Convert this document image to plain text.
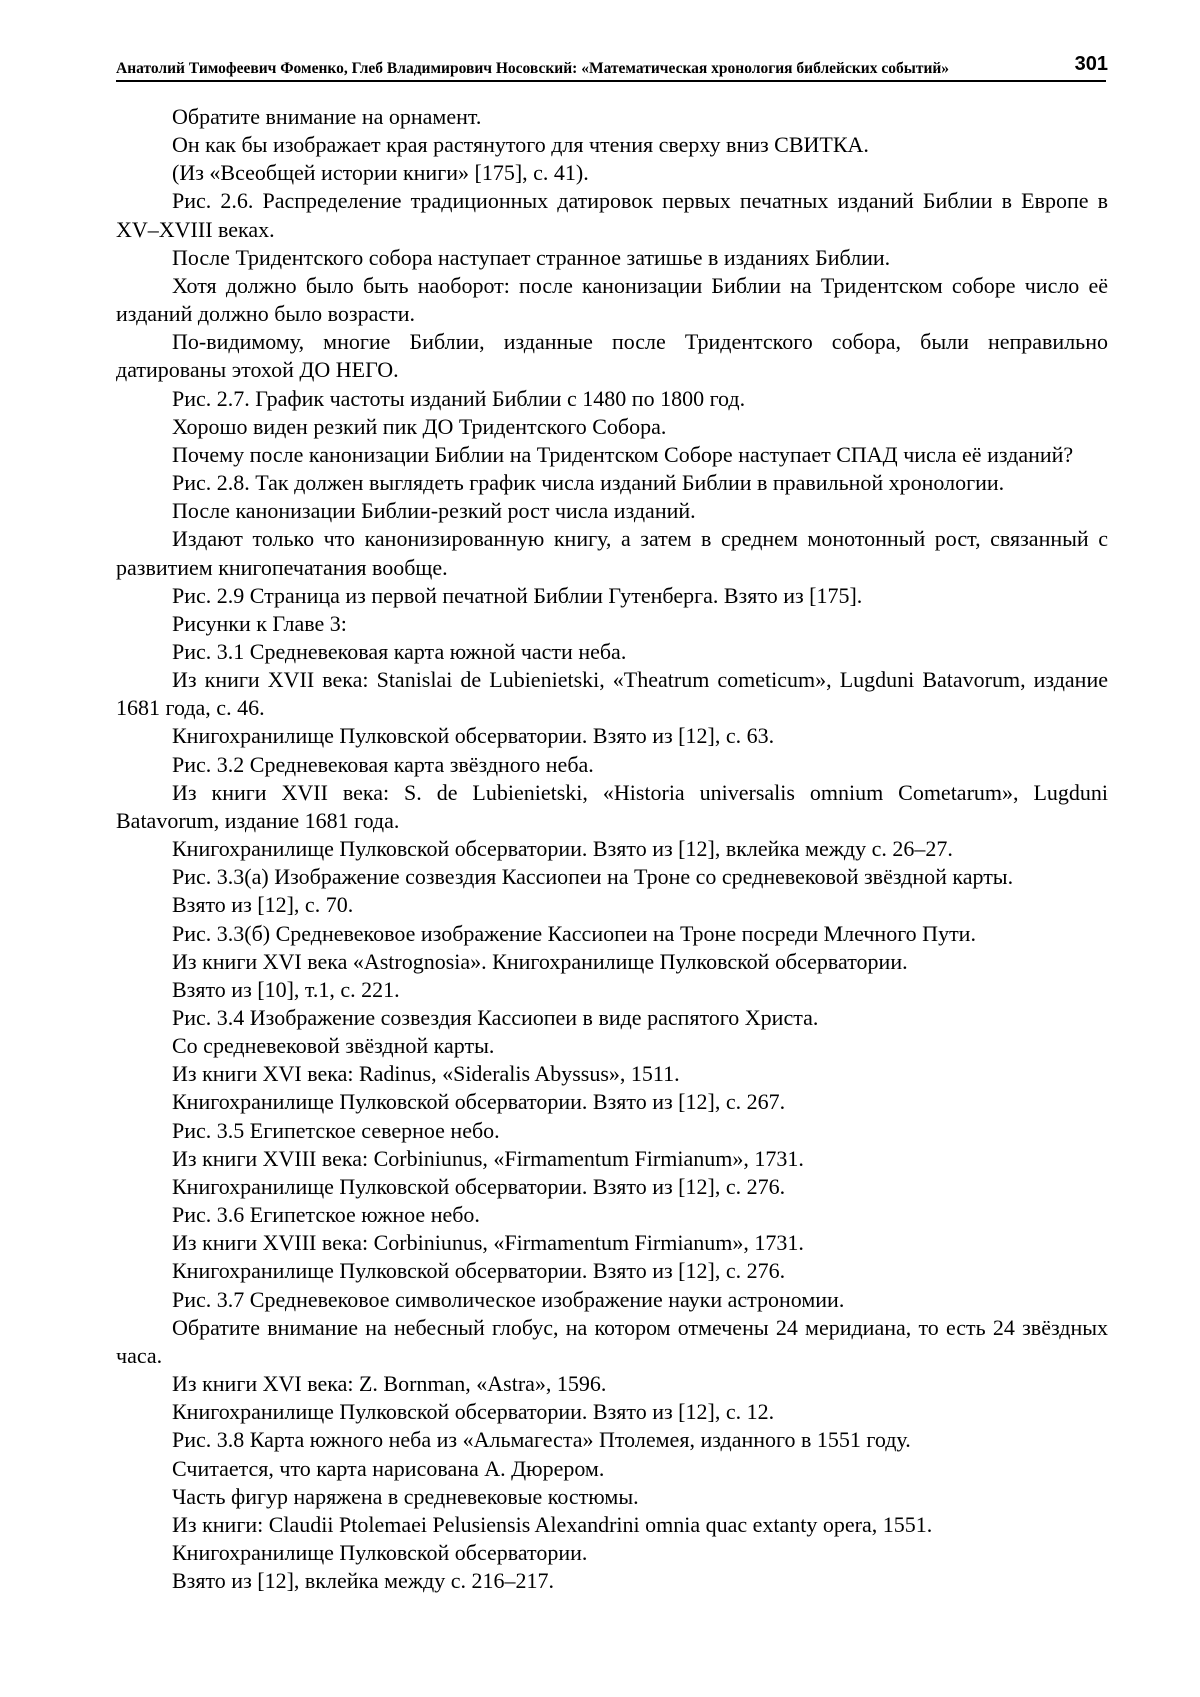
Анатолий Тимофеевич Фоменко, Глеб Владимирович Носовский: «Математическая хронология библейских событий»	301

Обратите внимание на орнамент.

Он как бы изображает края растянутого для чтения сверху вниз СВИТКА.

(Из «Всеобщей истории книги» [175], с. 41).

Рис. 2.6. Распределение традиционных датировок первых печатных изданий Библии в Европе в XV–XVIII веках.

После Тридентского собора наступает странное затишье в изданиях Библии.

Хотя должно было быть наоборот: после канонизации Библии на Тридентском соборе число её изданий должно было возрасти.

По-видимому, многие Библии, изданные после Тридентского собора, были неправильно датированы этохой ДО НЕГО.

Рис. 2.7. График частоты изданий Библии с 1480 по 1800 год.

Хорошо виден резкий пик ДО Тридентского Собора.

Почему после канонизации Библии на Тридентском Соборе наступает СПАД числа её изданий?

Рис. 2.8. Так должен выглядеть график числа изданий Библии в правильной хронологии.

После канонизации Библии-резкий рост числа изданий.

Издают только что канонизированную книгу, а затем в среднем монотонный рост, связанный с развитием книгопечатания вообще.

Рис. 2.9 Страница из первой печатной Библии Гутенберга. Взято из [175].

Рисунки к Главе 3:

Рис. 3.1 Средневековая карта южной части неба.

Из книги XVII века: Stanislai de Lubienietski, «Theatrum cometicum», Lugduni Batavorum, издание 1681 года, с. 46.

Книгохранилище Пулковской обсерватории. Взято из [12], с. 63.

Рис. 3.2 Средневековая карта звёздного неба.

Из книги XVII века: S. de Lubienietski, «Historia universalis omnium Cometarum», Lugduni Batavorum, издание 1681 года.

Книгохранилище Пулковской обсерватории. Взято из [12], вклейка между с. 26–27.

Рис. 3.3(а) Изображение созвездия Кассиопеи на Троне со средневековой звёздной карты.

Взято из [12], с. 70.

Рис. 3.3(б) Средневековое изображение Кассиопеи на Троне посреди Млечного Пути.

Из книги XVI века «Astrognosia». Книгохранилище Пулковской обсерватории.

Взято из [10], т.1, с. 221.

Рис. 3.4 Изображение созвездия Кассиопеи в виде распятого Христа.

Со средневековой звёздной карты.

Из книги XVI века: Radinus, «Sideralis Abyssus», 1511.

Книгохранилище Пулковской обсерватории. Взято из [12], с. 267.

Рис. 3.5 Египетское северное небо.

Из книги XVIII века: Corbiniunus, «Firmamentum Firmianum», 1731.

Книгохранилище Пулковской обсерватории. Взято из [12], с. 276.

Рис. 3.6 Египетское южное небо.

Из книги XVIII века: Corbiniunus, «Firmamentum Firmianum», 1731.

Книгохранилище Пулковской обсерватории. Взято из [12], с. 276.

Рис. 3.7 Средневековое символическое изображение науки астрономии.

Обратите внимание на небесный глобус, на котором отмечены 24 меридиана, то есть 24 звёздных часа.

Из книги XVI века: Z. Bornman, «Astra», 1596.

Книгохранилище Пулковской обсерватории. Взято из [12], с. 12.

Рис. 3.8 Карта южного неба из «Альмагеста» Птолемея, изданного в 1551 году.

Считается, что карта нарисована А. Дюрером.

Часть фигур наряжена в средневековые костюмы.

Из книги: Claudii Ptolemaei Pelusiensis Alexandrini omnia quac extanty opera, 1551.

Книгохранилище Пулковской обсерватории.

Взято из [12], вклейка между с. 216–217.
